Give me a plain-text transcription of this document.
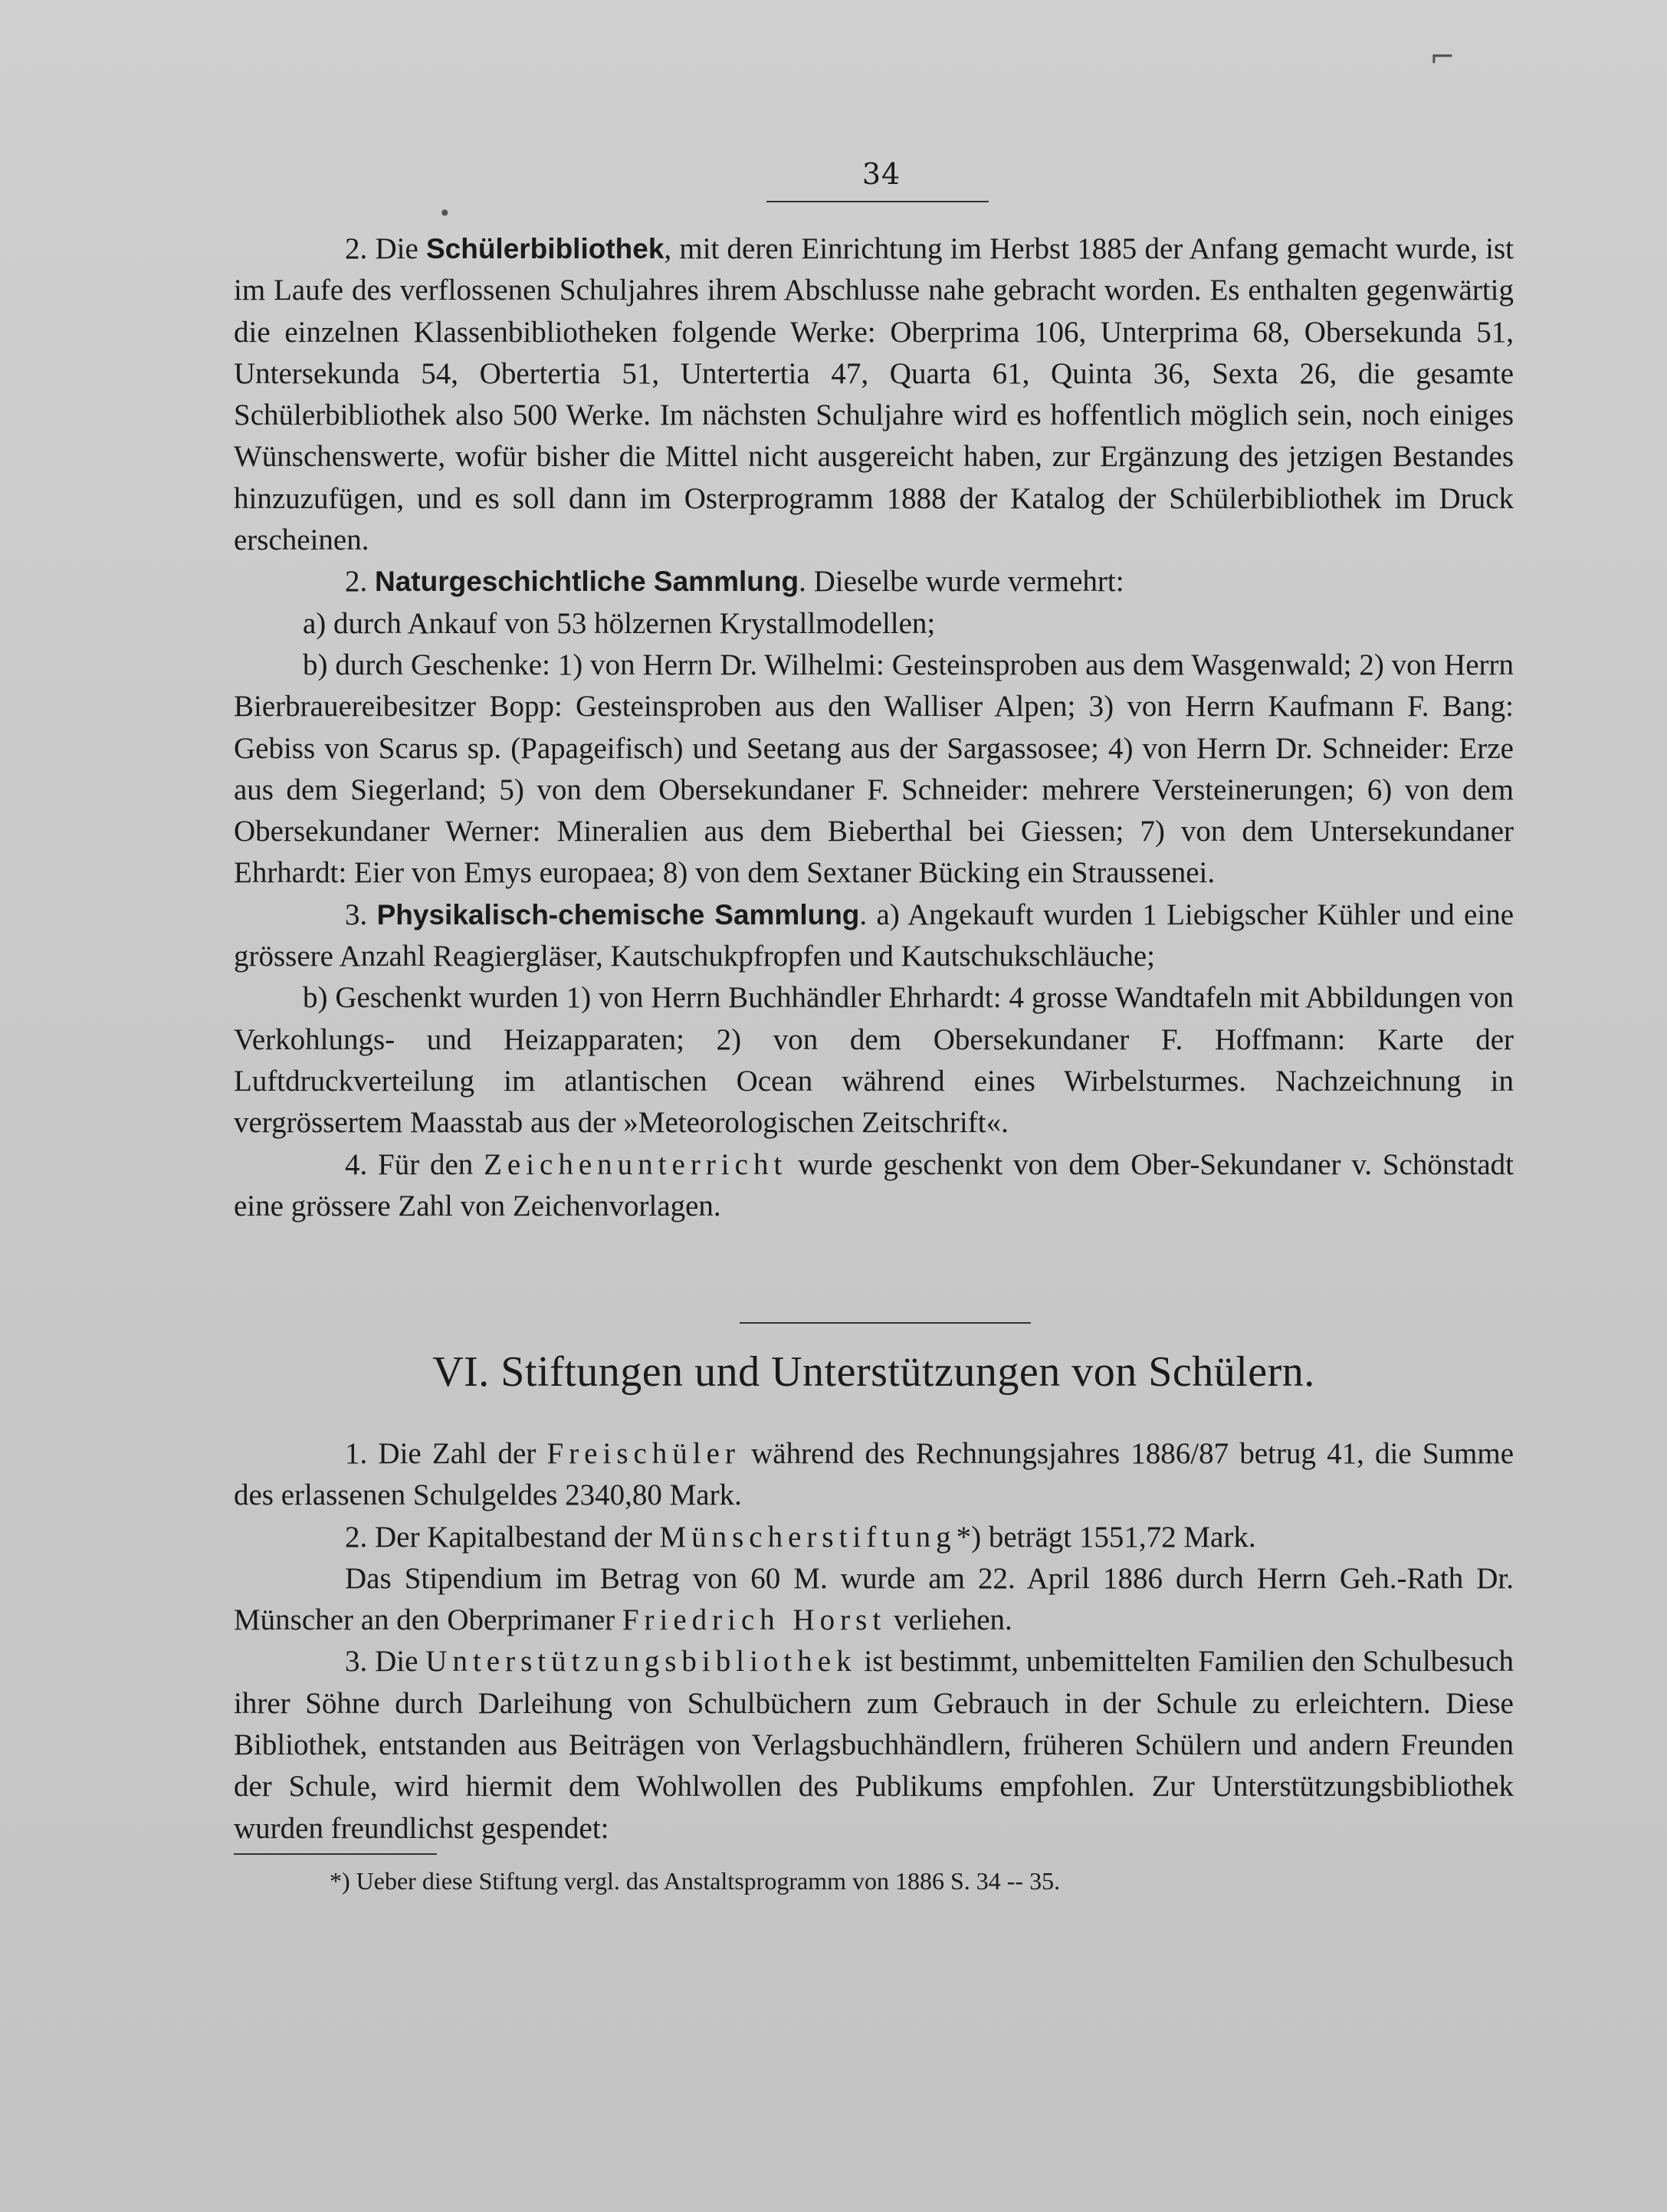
34

2. Die Schülerbibliothek, mit deren Einrichtung im Herbst 1885 der Anfang gemacht wurde, ist im Laufe des verflossenen Schuljahres ihrem Abschlusse nahe gebracht worden. Es enthalten gegenwärtig die einzelnen Klassenbibliotheken folgende Werke: Oberprima 106, Unterprima 68, Obersekunda 51, Untersekunda 54, Obertertia 51, Untertertia 47, Quarta 61, Quinta 36, Sexta 26, die gesamte Schülerbibliothek also 500 Werke. Im nächsten Schuljahre wird es hoffentlich möglich sein, noch einiges Wünschenswerte, wofür bisher die Mittel nicht ausgereicht haben, zur Ergänzung des jetzigen Bestandes hinzuzufügen, und es soll dann im Osterprogramm 1888 der Katalog der Schülerbibliothek im Druck erscheinen.

2. Naturgeschichtliche Sammlung. Dieselbe wurde vermehrt:

a) durch Ankauf von 53 hölzernen Krystallmodellen;

b) durch Geschenke: 1) von Herrn Dr. Wilhelmi: Gesteinsproben aus dem Wasgenwald; 2) von Herrn Bierbrauereibesitzer Bopp: Gesteinsproben aus den Walliser Alpen; 3) von Herrn Kaufmann F. Bang: Gebiss von Scarus sp. (Papageifisch) und Seetang aus der Sargassosee; 4) von Herrn Dr. Schneider: Erze aus dem Siegerland; 5) von dem Obersekundaner F. Schneider: mehrere Versteinerungen; 6) von dem Obersekundaner Werner: Mineralien aus dem Bieberthal bei Giessen; 7) von dem Untersekundaner Ehrhardt: Eier von Emys europaea; 8) von dem Sextaner Bücking ein Straussenei.

3. Physikalisch-chemische Sammlung. a) Angekauft wurden 1 Liebigscher Kühler und eine grössere Anzahl Reagiergläser, Kautschukpfropfen und Kautschukschläuche;

b) Geschenkt wurden 1) von Herrn Buchhändler Ehrhardt: 4 grosse Wandtafeln mit Abbildungen von Verkohlungs- und Heizapparaten; 2) von dem Obersekundaner F. Hoffmann: Karte der Luftdruckverteilung im atlantischen Ocean während eines Wirbelsturmes. Nachzeichnung in vergrössertem Maasstab aus der »Meteorologischen Zeitschrift«.

4. Für den Zeichenunterricht wurde geschenkt von dem Ober-Sekundaner v. Schönstadt eine grössere Zahl von Zeichenvorlagen.

VI. Stiftungen und Unterstützungen von Schülern.

1. Die Zahl der Freischüler während des Rechnungsjahres 1886/87 betrug 41, die Summe des erlassenen Schulgeldes 2340,80 Mark.

2. Der Kapitalbestand der Münscherstiftung*) beträgt 1551,72 Mark.

Das Stipendium im Betrag von 60 M. wurde am 22. April 1886 durch Herrn Geh.-Rath Dr. Münscher an den Oberprimaner Friedrich Horst verliehen.

3. Die Unterstützungsbibliothek ist bestimmt, unbemittelten Familien den Schulbesuch ihrer Söhne durch Darleihung von Schulbüchern zum Gebrauch in der Schule zu erleichtern. Diese Bibliothek, entstanden aus Beiträgen von Verlagsbuchhändlern, früheren Schülern und andern Freunden der Schule, wird hiermit dem Wohlwollen des Publikums empfohlen. Zur Unterstützungsbibliothek wurden freundlichst gespendet:

*) Ueber diese Stiftung vergl. das Anstaltsprogramm von 1886 S. 34 -- 35.
•
⌐
